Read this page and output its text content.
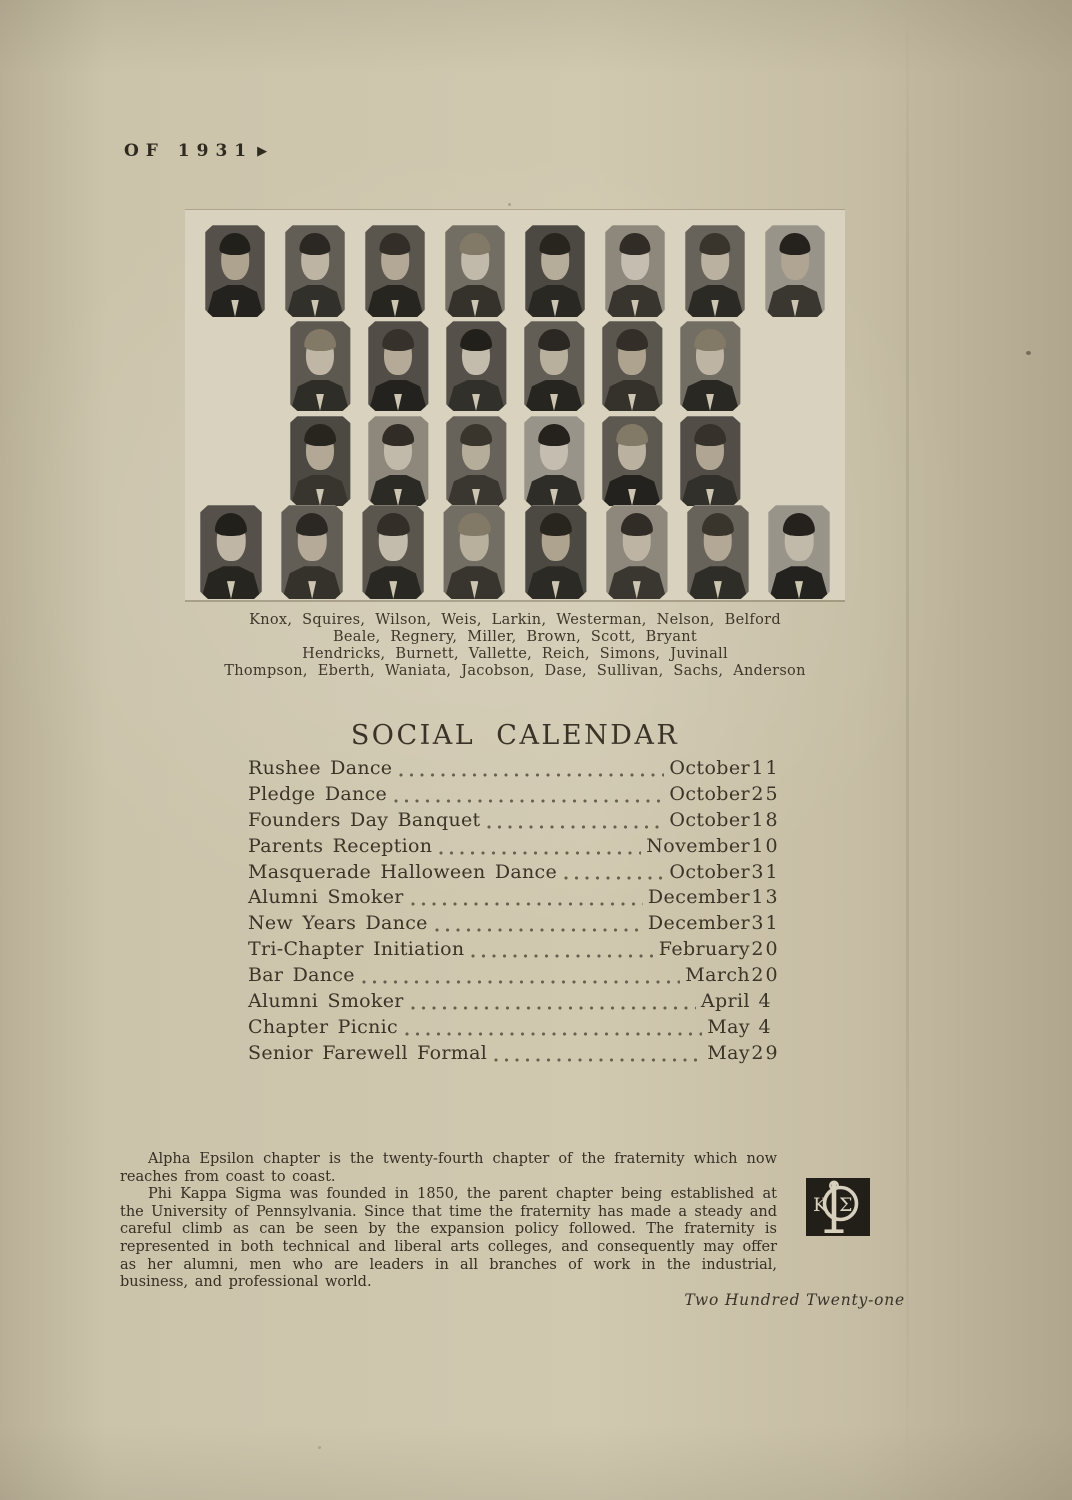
OF 1931 ▶
Knox, Squires, Wilson, Weis, Larkin, Westerman, Nelson, Belford
Beale, Regnery, Miller, Brown, Scott, Bryant
Hendricks, Burnett, Vallette, Reich, Simons, Juvinall
Thompson, Eberth, Waniata, Jacobson, Dase, Sullivan, Sachs, Anderson
SOCIAL CALENDAR
Rushee Dance	October 11
Pledge Dance	October 25
Founders Day Banquet	October 18
Parents Reception	November 10
Masquerade Halloween Dance	October 31
Alumni Smoker	December 13
New Years Dance	December 31
Tri-Chapter Initiation	February 20
Bar Dance	March 20
Alumni Smoker	April 4
Chapter Picnic	May 4
Senior Farewell Formal	May 29

Alpha Epsilon chapter is the twenty-fourth chapter of the fraternity which now reaches from coast to coast.

Phi Kappa Sigma was founded in 1850, the parent chapter being established at the University of Pennsylvania. Since that time the fraternity has made a steady and careful climb as can be seen by the expansion policy followed. The fraternity is represented in both technical and liberal arts colleges, and consequently may offer as her alumni, men who are leaders in all branches of work in the industrial, business, and professional world.

K Σ
Two Hundred Twenty-one
